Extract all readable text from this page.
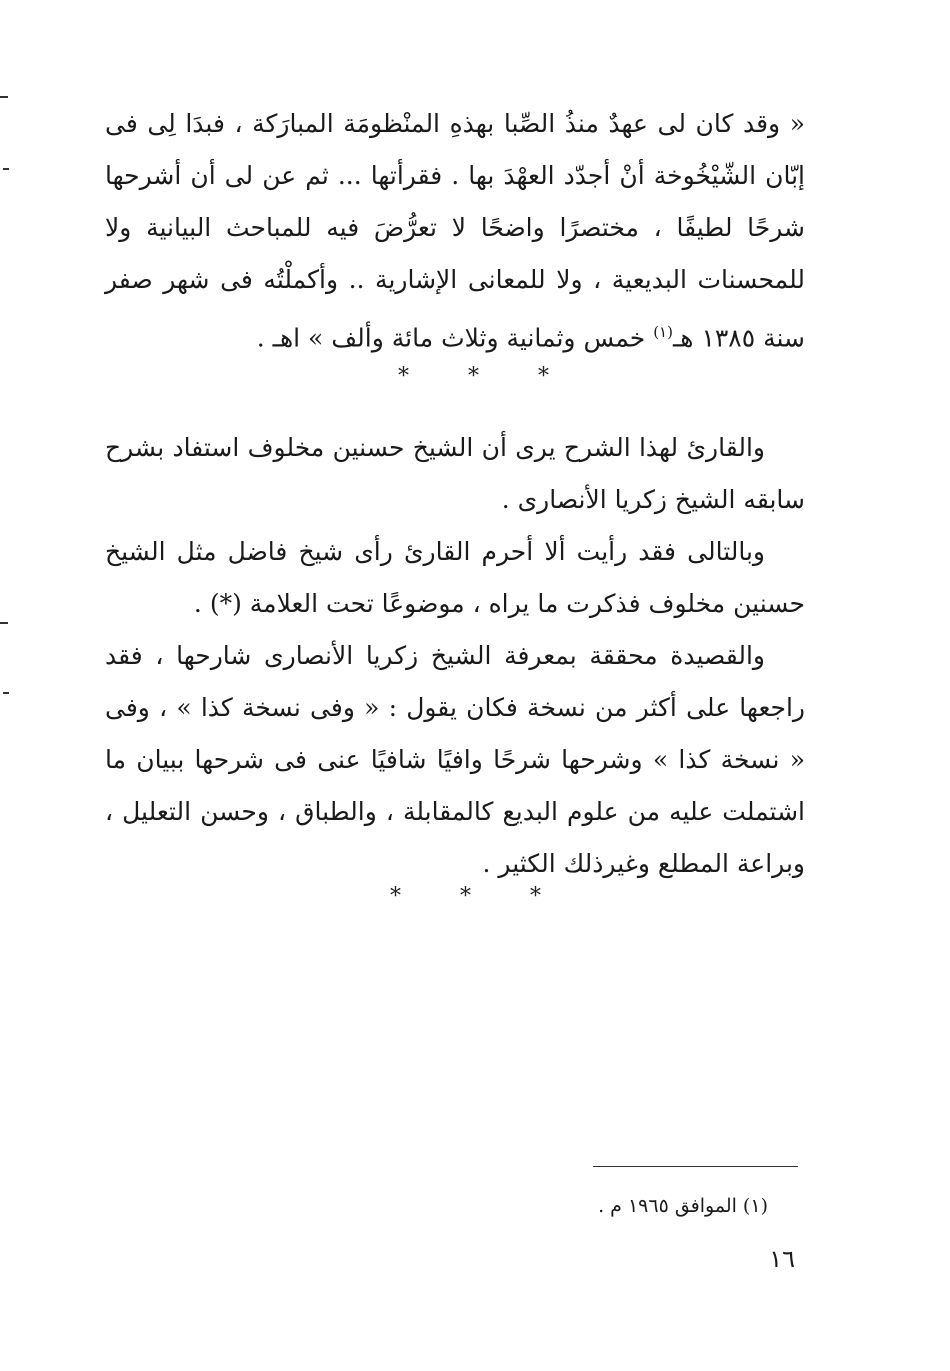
« وقد كان لى عهدٌ منذُ الصِّبا بهذهِ المنْظومَة المبارَكة ، فبدَا لِى فى إبّان الشّيْخُوخة أنْ أجدّد العهْدَ بها . فقرأتها ... ثم عن لى أن أشرحها شرحًا لطيفًا ، مختصرًا واضحًا لا تعرُّضَ فيه للمباحث البيانية ولا للمحسنات البديعية ، ولا للمعانى الإشارية .. وأكملْتُه فى شهر صفر سنة ١٣٨٥ هـ$^{(١)}$ خمس وثمانية وثلاث مائة وألف » اهـ .

* * *

والقارئ لهذا الشرح يرى أن الشيخ حسنين مخلوف استفاد بشرح سابقه الشيخ زكريا الأنصارى .

وبالتالى فقد رأيت ألا أحرم القارئ رأى شيخ فاضل مثل الشيخ حسنين مخلوف فذكرت ما يراه ، موضوعًا تحت العلامة (*) .

والقصيدة محققة بمعرفة الشيخ زكريا الأنصارى شارحها ، فقد راجعها على أكثر من نسخة فكان يقول : « وفى نسخة كذا » ، وفى « نسخة كذا » وشرحها شرحًا وافيًا شافيًا عنى فى شرحها ببيان ما اشتملت عليه من علوم البديع كالمقابلة ، والطباق ، وحسن التعليل ، وبراعة المطلع وغيرذلك الكثير .

* * *
(١) الموافق ١٩٦٥ م .
١٦
